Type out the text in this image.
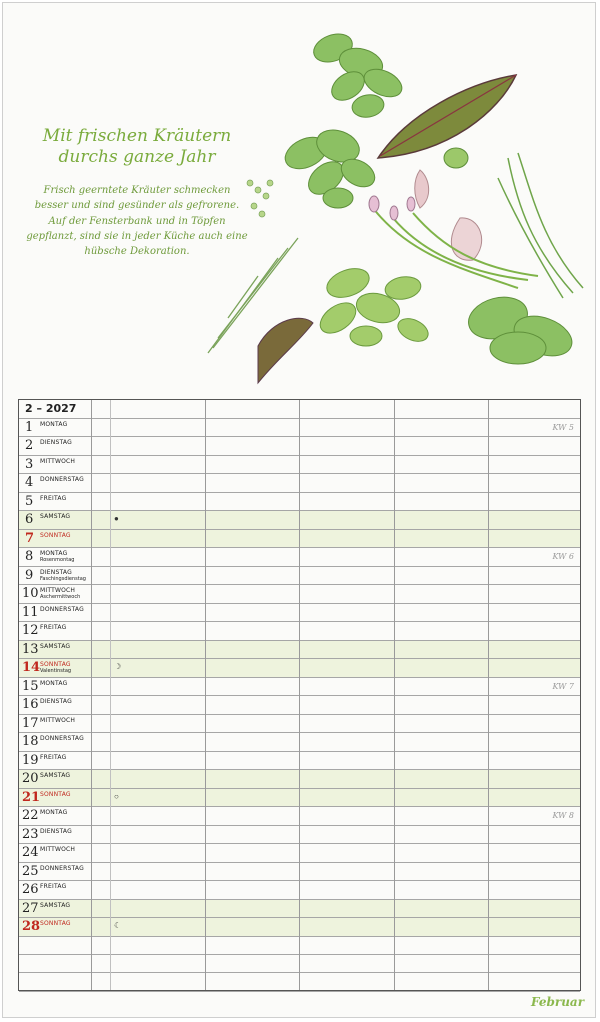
Mit frischen Kräutern durchs ganze Jahr
Frisch geerntete Kräuter schmecken besser und sind gesünder als gefrorene. Auf der Fensterbank und in Töpfen gepflanzt, sind sie in jeder Küche auch eine hübsche Dekoration.
2 – 2027
1	MONTAG	KW 5
2	DIENSTAG
3	MITTWOCH
4	DONNERSTAG
5	FREITAG
6	SAMSTAG	●
7 SONNTAG
8	MONTAG
Rosenmontag	KW 6
9	DIENSTAG
Faschingsdienstag
10 MITTWOCH
Aschermittwoch
11 DONNERSTAG
12 FREITAG
13 SAMSTAG
14 SONNTAG
Valentinstag	☽
15 MONTAG	KW 7
16 DIENSTAG
17 MITTWOCH
18 DONNERSTAG
19 FREITAG
20 SAMSTAG
21 SONNTAG	○
22 MONTAG	KW 8
23 DIENSTAG
24 MITTWOCH
25 DONNERSTAG
26 FREITAG
27 SAMSTAG
28 SONNTAG	☾
Februar
